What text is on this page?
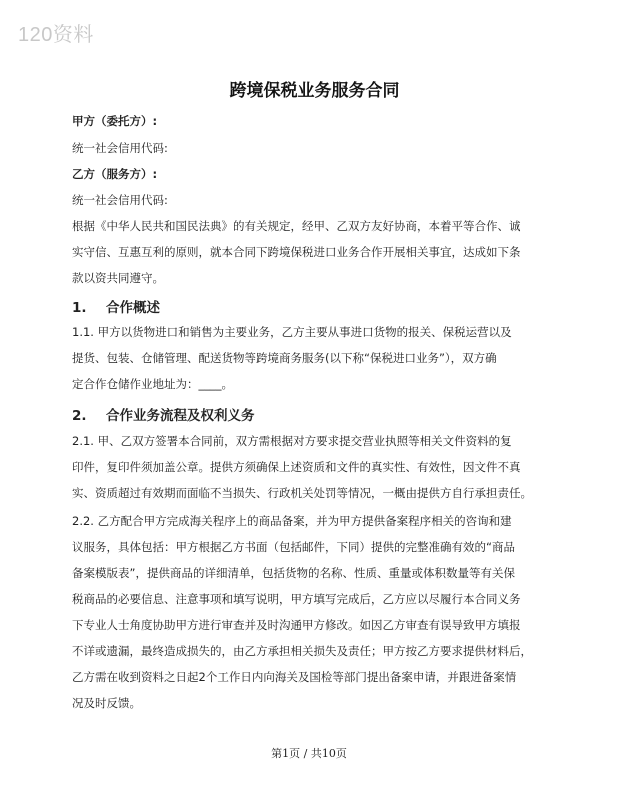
120资料
跨境保税业务服务合同
甲方（委托方）:
统一社会信用代码:
乙方（服务方）:
统一社会信用代码:
根据《中华人民共和国民法典》的有关规定，经甲、乙双方友好协商，本着平等合作、诚
实守信、互惠互利的原则，就本合同下跨境保税进口业务合作开展相关事宜，达成如下条
款以资共同遵守。
1. 合作概述
1.1. 甲方以货物进口和销售为主要业务，乙方主要从事进口货物的报关、保税运营以及
提货、包装、仓储管理、配送货物等跨境商务服务(以下称“保税进口业务”），双方确
定合作仓储作业地址为：____。
2. 合作业务流程及权利义务
2.1. 甲、乙双方签署本合同前，双方需根据对方要求提交营业执照等相关文件资料的复
印件，复印件须加盖公章。提供方须确保上述资质和文件的真实性、有效性，因文件不真
实、资质超过有效期而面临不当损失、行政机关处罚等情况，一概由提供方自行承担责任。
2.2. 乙方配合甲方完成海关程序上的商品备案，并为甲方提供备案程序相关的咨询和建
议服务，具体包括：甲方根据乙方书面（包括邮件，下同）提供的完整准确有效的“商品
备案模版表”，提供商品的详细清单，包括货物的名称、性质、重量或体积数量等有关保
税商品的必要信息、注意事项和填写说明，甲方填写完成后，乙方应以尽履行本合同义务
下专业人士角度协助甲方进行审查并及时沟通甲方修改。如因乙方审查有误导致甲方填报
不详或遗漏，最终造成损失的，由乙方承担相关损失及责任；甲方按乙方要求提供材料后，
乙方需在收到资料之日起2个工作日内向海关及国检等部门提出备案申请，并跟进备案情
况及时反馈。
第1页 / 共10页
